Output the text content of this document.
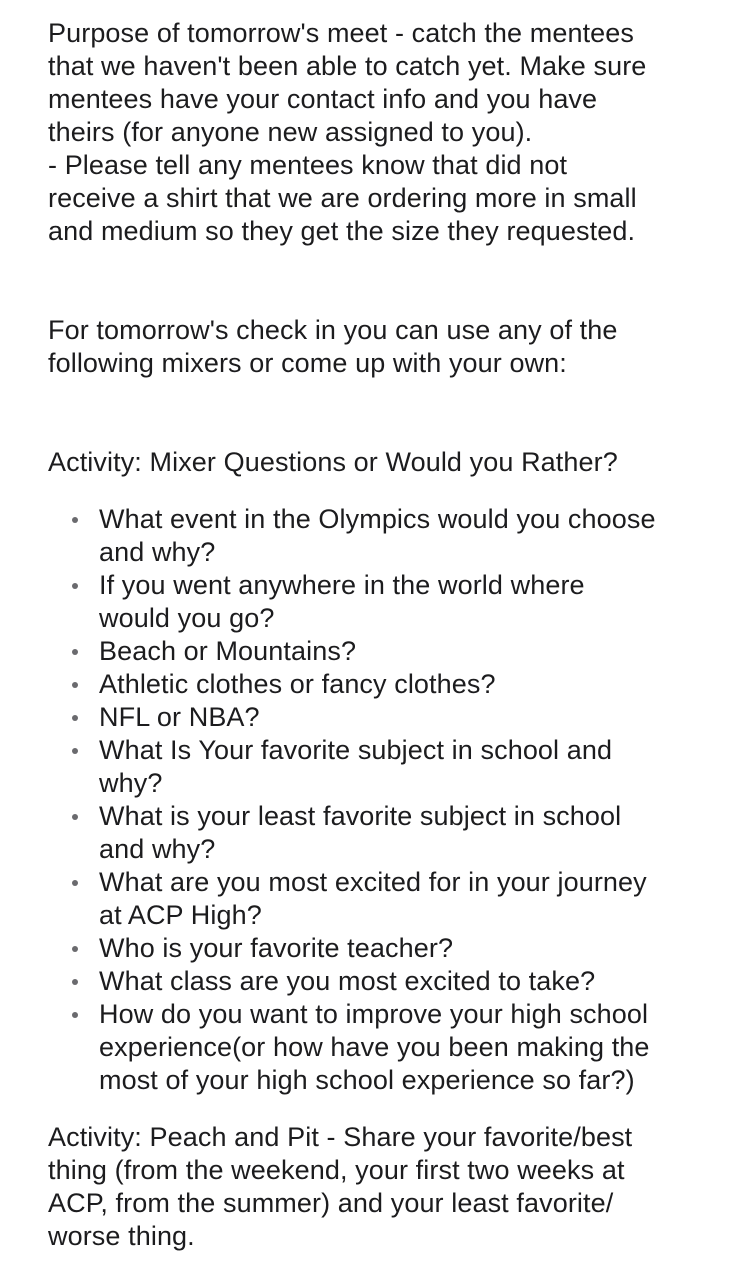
Purpose of tomorrow's meet - catch the mentees
that we haven't been able to catch yet. Make sure
mentees have your contact info and you have
theirs (for anyone new assigned to you).
- Please tell any mentees know that did not
receive a shirt that we are ordering more in small
and medium so they get the size they requested.

For tomorrow's check in you can use any of the
following mixers or come up with your own:

Activity: Mixer Questions or Would you Rather?

What event in the Olympics would you choose
and why?
If you went anywhere in the world where
would you go?
Beach or Mountains?
Athletic clothes or fancy clothes?
NFL or NBA?
What Is Your favorite subject in school and
why?
What is your least favorite subject in school
and why?
What are you most excited for in your journey
at ACP High?
Who is your favorite teacher?
What class are you most excited to take?
How do you want to improve your high school
experience(or how have you been making the
most of your high school experience so far?)

Activity: Peach and Pit - Share your favorite/best
thing (from the weekend, your first two weeks at
ACP, from the summer) and your least favorite/
worse thing.
